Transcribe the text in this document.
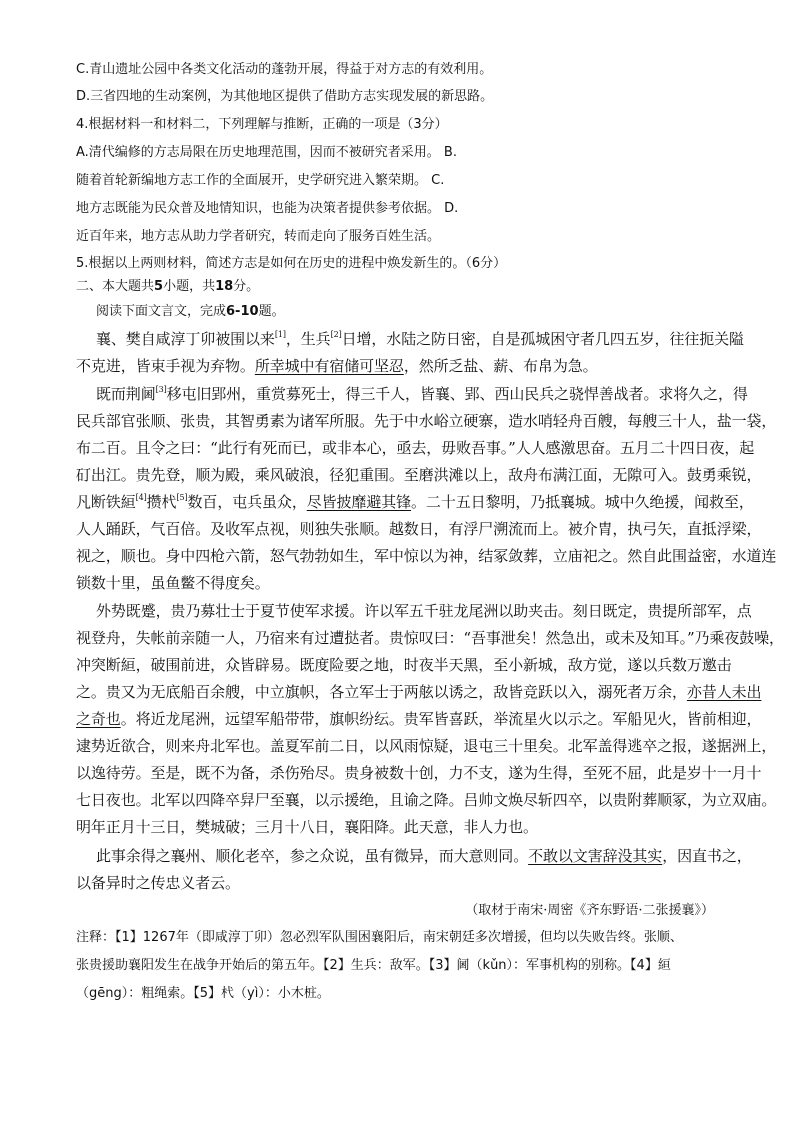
C.青山遗址公园中各类文化活动的蓬勃开展，得益于对方志的有效利用。
D.三省四地的生动案例，为其他地区提供了借助方志实现发展的新思路。
4.根据材料一和材料二，下列理解与推断，正确的一项是（3分）
A.清代编修的方志局限在历史地理范围，因而不被研究者采用。 B.
随着首轮新编地方志工作的全面展开，史学研究进入繁荣期。 C.
地方志既能为民众普及地情知识，也能为决策者提供参考依据。 D.
近百年来，地方志从助力学者研究，转而走向了服务百姓生活。
5.根据以上两则材料，简述方志是如何在历史的进程中焕发新生的。（6分）
二、本大题共5小题，共18分。
阅读下面文言文，完成6-10题。
襄、樊自咸淳丁卯被围以来[1]，生兵[2]日增，水陆之防日密，自是孤城困守者几四五岁，往往扼关隘
不克进，皆束手视为弃物。所幸城中有宿储可坚忍，然所乏盐、薪、布帛为急。
既而荆阃[3]移屯旧郢州，重赏募死士，得三千人，皆襄、郢、西山民兵之骁悍善战者。求将久之，得
民兵部官张顺、张贵，其智勇素为诸军所服。先于中水峪立硬寨，造水哨轻舟百艘，每艘三十人，盐一袋，
布二百。且令之曰：“此行有死而已，或非本心，亟去，毋败吾事。”人人感激思奋。五月二十四日夜，起
矴出江。贵先登，顺为殿，乘风破浪，径犯重围。至磨洪滩以上，敌舟布满江面，无隙可入。鼓勇乘锐，
凡断铁絙[4]攒杙[5]数百，屯兵虽众，尽皆披靡避其锋。二十五日黎明，乃抵襄城。城中久绝援，闻救至，
人人踊跃，气百倍。及收军点视，则独失张顺。越数日，有浮尸溯流而上。被介胄，执弓矢，直抵浮梁，
视之，顺也。身中四枪六箭，怒气勃勃如生，军中惊以为神，结冢敛葬，立庙祀之。然自此围益密，水道连
锁数十里，虽鱼鳖不得度矣。
外势既蹙，贵乃募壮士于夏节使军求援。许以军五千驻龙尾洲以助夹击。刻日既定，贵提所部军，点
视登舟，失帐前亲随一人，乃宿来有过遭挞者。贵惊叹曰：“吾事泄矣！然急出，或未及知耳。”乃乘夜鼓噪，
冲突断絙，破围前进，众皆辟易。既度险要之地，时夜半天黑，至小新城，敌方觉，遂以兵数万邀击
之。贵又为无底船百余艘，中立旗帜，各立军士于两舷以诱之，敌皆竞跃以入，溺死者万余，亦昔人未出
之奇也。将近龙尾洲，远望军船带带，旗帜纷纭。贵军皆喜跃，举流星火以示之。军船见火，皆前相迎，
逮势近欲合，则来舟北军也。盖夏军前二日，以风雨惊疑，退屯三十里矣。北军盖得逃卒之报，遂据洲上，
以逸待劳。至是，既不为备，杀伤殆尽。贵身被数十创，力不支，遂为生得，至死不屈，此是岁十一月十
七日夜也。北军以四降卒舁尸至襄，以示援绝，且谕之降。吕帅文焕尽斩四卒，以贵附葬顺冢，为立双庙。
明年正月十三日，樊城破；三月十八日，襄阳降。此天意，非人力也。
此事余得之襄州、顺化老卒，参之众说，虽有微异，而大意则同。不敢以文害辞没其实，因直书之，
以备异时之传忠义者云。
（取材于南宋·周密《齐东野语·二张援襄》）
注释：【1】1267年（即咸淳丁卯）忽必烈军队围困襄阳后，南宋朝廷多次增援，但均以失败告终。张顺、
张贵援助襄阳发生在战争开始后的第五年。【2】生兵：敌军。【3】阃（kǔn）：军事机构的别称。【4】絙
（gēng）：粗绳索。【5】杙（yì）：小木桩。
